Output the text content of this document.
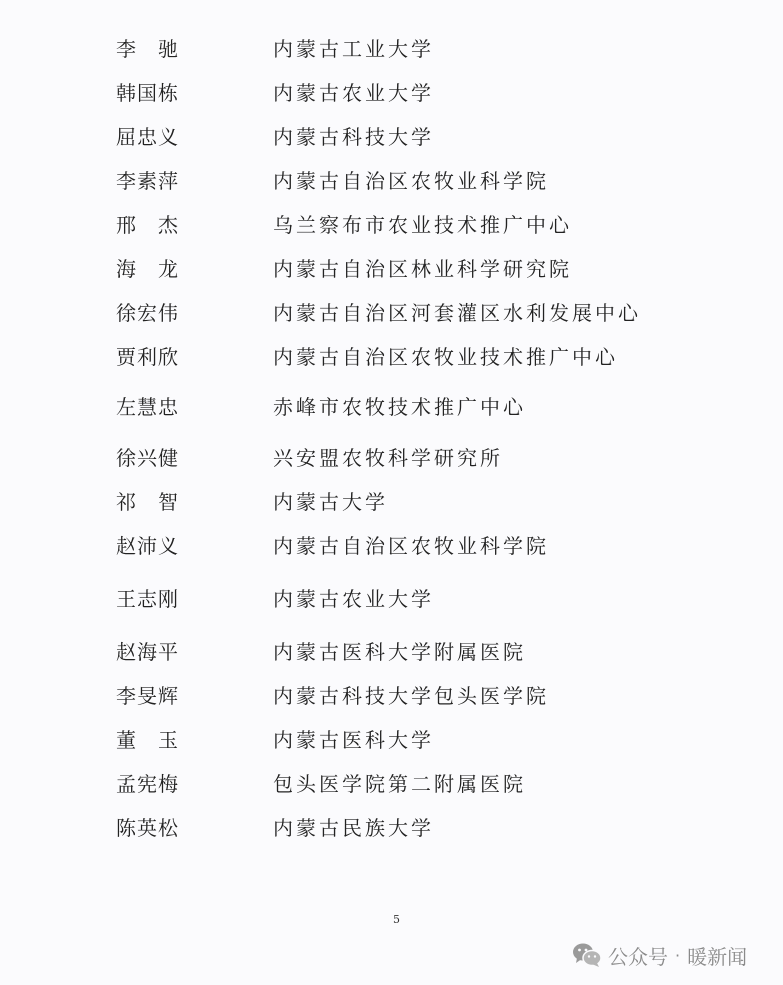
李　驰	内蒙古工业大学
韩国栋	内蒙古农业大学
屈忠义	内蒙古科技大学
李素萍	内蒙古自治区农牧业科学院
邢　杰	乌兰察布市农业技术推广中心
海　龙	内蒙古自治区林业科学研究院
徐宏伟	内蒙古自治区河套灌区水利发展中心
贾利欣	内蒙古自治区农牧业技术推广中心
左慧忠	赤峰市农牧技术推广中心
徐兴健	兴安盟农牧科学研究所
祁　智	内蒙古大学
赵沛义	内蒙古自治区农牧业科学院
王志刚	内蒙古农业大学
赵海平	内蒙古医科大学附属医院
李旻辉	内蒙古科技大学包头医学院
董　玉	内蒙古医科大学
孟宪梅	包头医学院第二附属医院
陈英松	内蒙古民族大学
5
公众号 · 暖新闻
